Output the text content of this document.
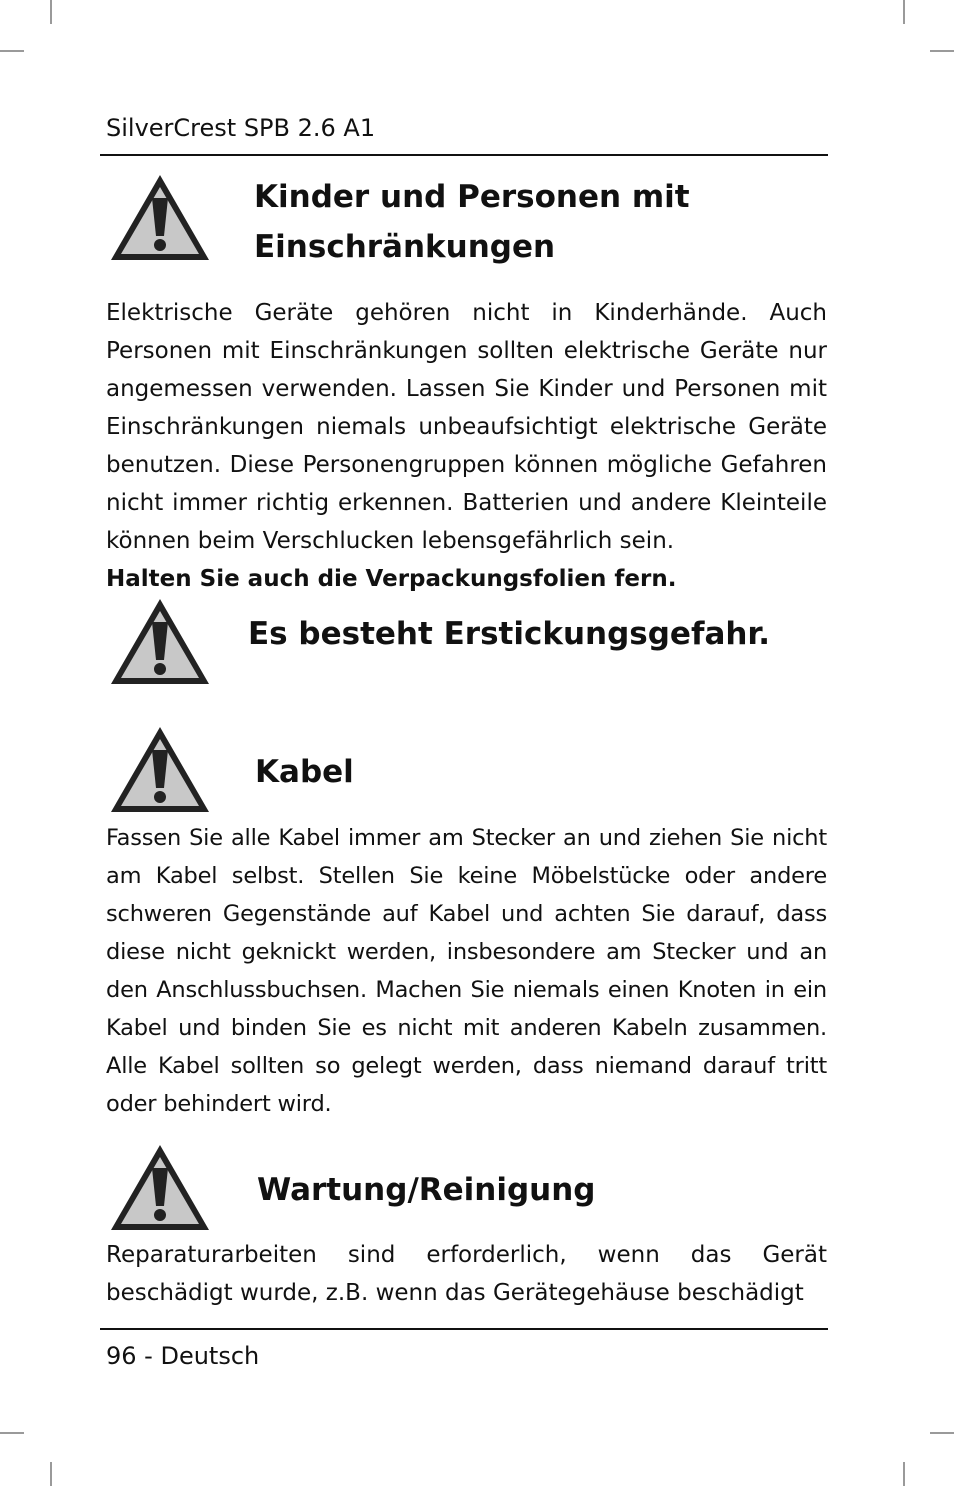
SilverCrest SPB 2.6 A1
Kinder und Personen mit
Einschränkungen

Elektrische Geräte gehören nicht in Kinderhände. Auch Personen mit Einschränkungen sollten elektrische Geräte nur angemessen verwenden. Lassen Sie Kinder und Personen mit Einschränkungen niemals unbeaufsichtigt elektrische Geräte benutzen. Diese Personengruppen können mögliche Gefahren nicht immer richtig erkennen. Batterien und andere Kleinteile können beim Verschlucken lebensgefährlich sein.

Halten Sie auch die Verpackungsfolien fern.
Es besteht Erstickungsgefahr.
Kabel

Fassen Sie alle Kabel immer am Stecker an und ziehen Sie nicht am Kabel selbst. Stellen Sie keine Möbelstücke oder andere schweren Gegenstände auf Kabel und achten Sie darauf, dass diese nicht geknickt werden, insbesondere am Stecker und an den Anschlussbuchsen. Machen Sie niemals einen Knoten in ein Kabel und binden Sie es nicht mit anderen Kabeln zusammen. Alle Kabel sollten so gelegt werden, dass niemand darauf tritt oder behindert wird.

Wartung/Reinigung

Reparaturarbeiten sind erforderlich, wenn das Gerät beschädigt wurde, z.B. wenn das Gerätegehäuse beschädigt

96 - Deutsch
